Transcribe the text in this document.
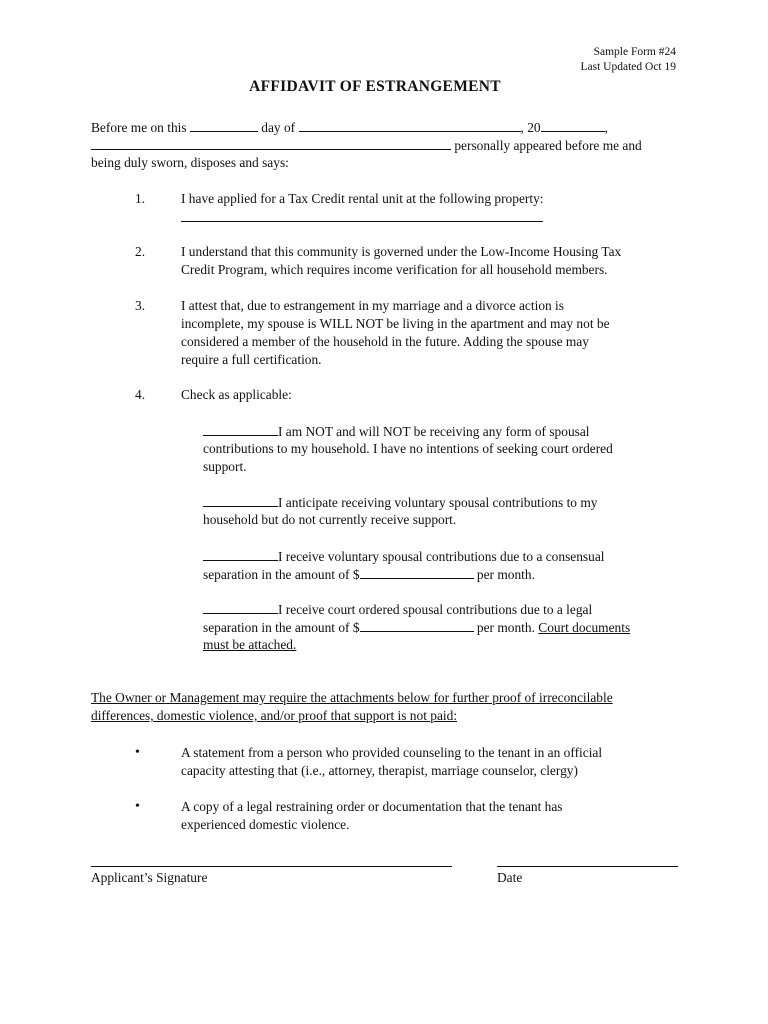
Sample Form #24
Last Updated Oct 19
AFFIDAVIT OF ESTRANGEMENT
Before me on this	day of	, 20	,
personally appeared before me and
being duly sworn, disposes and says:
1.	I have applied for a Tax Credit rental unit at the following property:
2.	I understand that this community is governed under the Low-Income Housing Tax
Credit Program, which requires income verification for all household members.
3.	I attest that, due to estrangement in my marriage and a divorce action is
incomplete, my spouse is WILL NOT be living in the apartment and may not be
considered a member of the household in the future. Adding the spouse may
require a full certification.
4.	Check as applicable:
I am NOT and will NOT be receiving any form of spousal
contributions to my household. I have no intentions of seeking court ordered
support.
I anticipate receiving voluntary spousal contributions to my
household but do not currently receive support.
I receive voluntary spousal contributions due to a consensual
separation in the amount of $	per month.
I receive court ordered spousal contributions due to a legal
separation in the amount of $	per month. Court documents
must be attached.
The Owner or Management may require the attachments below for further proof of irreconcilable
differences, domestic violence, and/or proof that support is not paid:
•	A statement from a person who provided counseling to the tenant in an official
capacity attesting that (i.e., attorney, therapist, marriage counselor, clergy)
•	A copy of a legal restraining order or documentation that the tenant has
experienced domestic violence.
Applicant’s Signature	Date
